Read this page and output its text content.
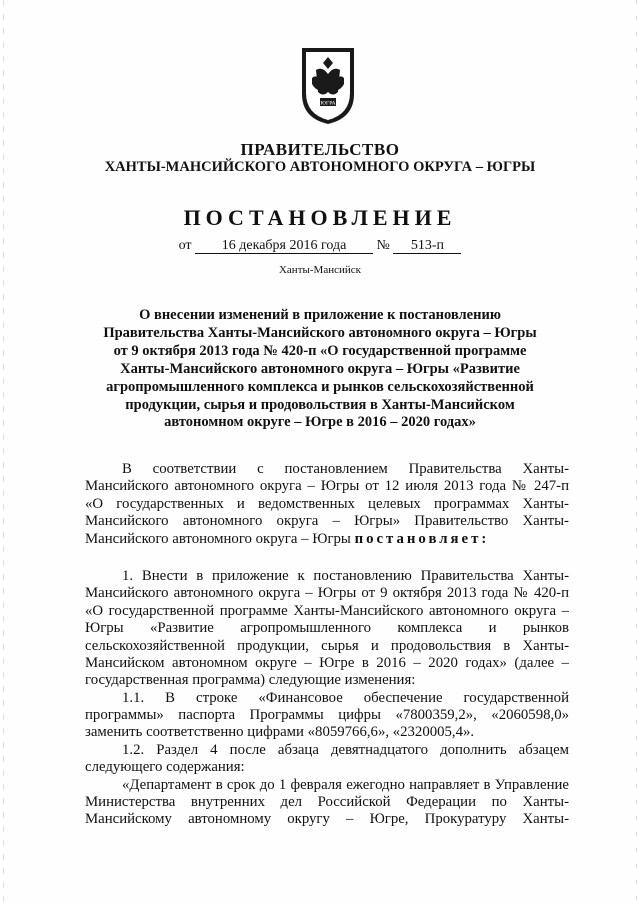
ЮГРА
ПРАВИТЕЛЬСТВО
ХАНТЫ-МАНСИЙСКОГО АВТОНОМНОГО ОКРУГА – ЮГРЫ
ПОСТАНОВЛЕНИЕ
от 16 декабря 2016 года № 513-п
Ханты-Мансийск
О внесении изменений в приложение к постановлению
Правительства Ханты-Мансийского автономного округа – Югры
от 9 октября 2013 года № 420-п «О государственной программе
Ханты-Мансийского автономного округа – Югры «Развитие
агропромышленного комплекса и рынков сельскохозяйственной
продукции, сырья и продовольствия в Ханты-Мансийском
автономном округе – Югре в 2016 – 2020 годах»
В соответствии с постановлением Правительства Ханты-
Мансийского автономного округа – Югры от 12 июля 2013 года № 247-п
«О государственных и ведомственных целевых программах Ханты-
Мансийского автономного округа – Югры» Правительство Ханты-
Мансийского автономного округа – Югры постановляет:
1. Внести в приложение к постановлению Правительства Ханты-
Мансийского автономного округа – Югры от 9 октября 2013 года № 420-п
«О государственной программе Ханты-Мансийского автономного округа –
Югры «Развитие агропромышленного комплекса и рынков
сельскохозяйственной продукции, сырья и продовольствия в Ханты-
Мансийском автономном округе – Югре в 2016 – 2020 годах» (далее –
государственная программа) следующие изменения:
1.1. В строке «Финансовое обеспечение государственной
программы» паспорта Программы цифры «7800359,2», «2060598,0»
заменить соответственно цифрами «8059766,6», «2320005,4».
1.2. Раздел 4 после абзаца девятнадцатого дополнить абзацем
следующего содержания:
«Департамент в срок до 1 февраля ежегодно направляет в Управление
Министерства внутренних дел Российской Федерации по Ханты-
Мансийскому автономному округу – Югре, Прокуратуру Ханты-
